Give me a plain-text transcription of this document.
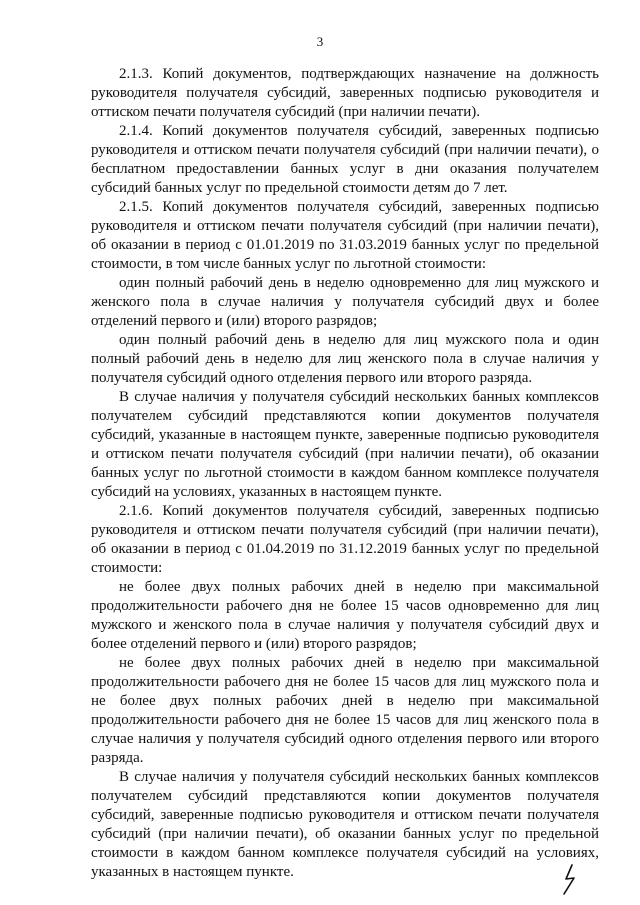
3

2.1.3. Копий документов, подтверждающих назначение на должность руководителя получателя субсидий, заверенных подписью руководителя и оттиском печати получателя субсидий (при наличии печати).

2.1.4. Копий документов получателя субсидий, заверенных подписью руководителя и оттиском печати получателя субсидий (при наличии печати), о бесплатном предоставлении банных услуг в дни оказания получателем субсидий банных услуг по предельной стоимости детям до 7 лет.

2.1.5. Копий документов получателя субсидий, заверенных подписью руководителя и оттиском печати получателя субсидий (при наличии печати), об оказании в период с 01.01.2019 по 31.03.2019 банных услуг по предельной стоимости, в том числе банных услуг по льготной стоимости:

один полный рабочий день в неделю одновременно для лиц мужского и женского пола в случае наличия у получателя субсидий двух и более отделений первого и (или) второго разрядов;

один полный рабочий день в неделю для лиц мужского пола и один полный рабочий день в неделю для лиц женского пола в случае наличия у получателя субсидий одного отделения первого или второго разряда.

В случае наличия у получателя субсидий нескольких банных комплексов получателем субсидий представляются копии документов получателя субсидий, указанные в настоящем пункте, заверенные подписью руководителя и оттиском печати получателя субсидий (при наличии печати), об оказании банных услуг по льготной стоимости в каждом банном комплексе получателя субсидий на условиях, указанных в настоящем пункте.

2.1.6. Копий документов получателя субсидий, заверенных подписью руководителя и оттиском печати получателя субсидий (при наличии печати), об оказании в период с 01.04.2019 по 31.12.2019 банных услуг по предельной стоимости:

не более двух полных рабочих дней в неделю при максимальной продолжительности рабочего дня не более 15 часов одновременно для лиц мужского и женского пола в случае наличия у получателя субсидий двух и более отделений первого и (или) второго разрядов;

не более двух полных рабочих дней в неделю при максимальной продолжительности рабочего дня не более 15 часов для лиц мужского пола и не более двух полных рабочих дней в неделю при максимальной продолжительности рабочего дня не более 15 часов для лиц женского пола в случае наличия у получателя субсидий одного отделения первого или второго разряда.

В случае наличия у получателя субсидий нескольких банных комплексов получателем субсидий представляются копии документов получателя субсидий, заверенные подписью руководителя и оттиском печати получателя субсидий (при наличии печати), об оказании банных услуг по предельной стоимости в каждом банном комплексе получателя субсидий на условиях, указанных в настоящем пункте.
